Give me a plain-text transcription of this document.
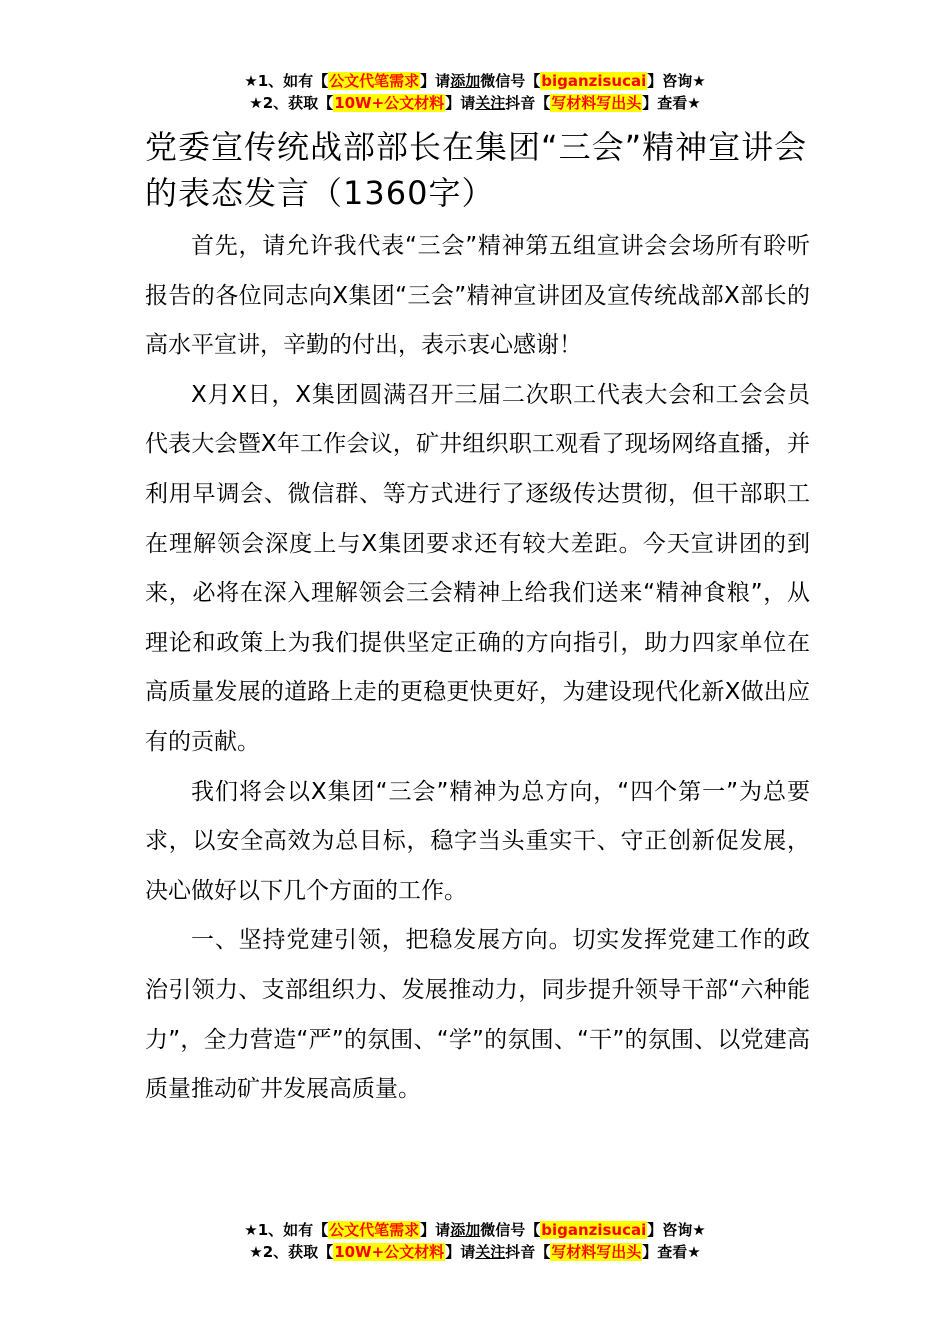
★1、如有【公文代笔需求】请添加微信号【biganzisucai】咨询★
★2、获取【10W+公文材料】请关注抖音【写材料写出头】查看★
党委宣传统战部部长在集团“三会”精神宣讲会的表态发言（1360字）

首先，请允许我代表“三会”精神第五组宣讲会会场所有聆听报告的各位同志向X集团“三会”精神宣讲团及宣传统战部X部长的高水平宣讲，辛勤的付出，表示衷心感谢！

X月X日，X集团圆满召开三届二次职工代表大会和工会会员代表大会暨X年工作会议，矿井组织职工观看了现场网络直播，并利用早调会、微信群、等方式进行了逐级传达贯彻，但干部职工在理解领会深度上与X集团要求还有较大差距。今天宣讲团的到来，必将在深入理解领会三会精神上给我们送来“精神食粮”，从理论和政策上为我们提供坚定正确的方向指引，助力四家单位在高质量发展的道路上走的更稳更快更好，为建设现代化新X做出应有的贡献。

我们将会以X集团“三会”精神为总方向，“四个第一”为总要求，以安全高效为总目标，稳字当头重实干、守正创新促发展，决心做好以下几个方面的工作。

一、坚持党建引领，把稳发展方向。切实发挥党建工作的政治引领力、支部组织力、发展推动力，同步提升领导干部“六种能力”，全力营造“严”的氛围、“学”的氛围、“干”的氛围、以党建高质量推动矿井发展高质量。

★1、如有【公文代笔需求】请添加微信号【biganzisucai】咨询★
★2、获取【10W+公文材料】请关注抖音【写材料写出头】查看★
